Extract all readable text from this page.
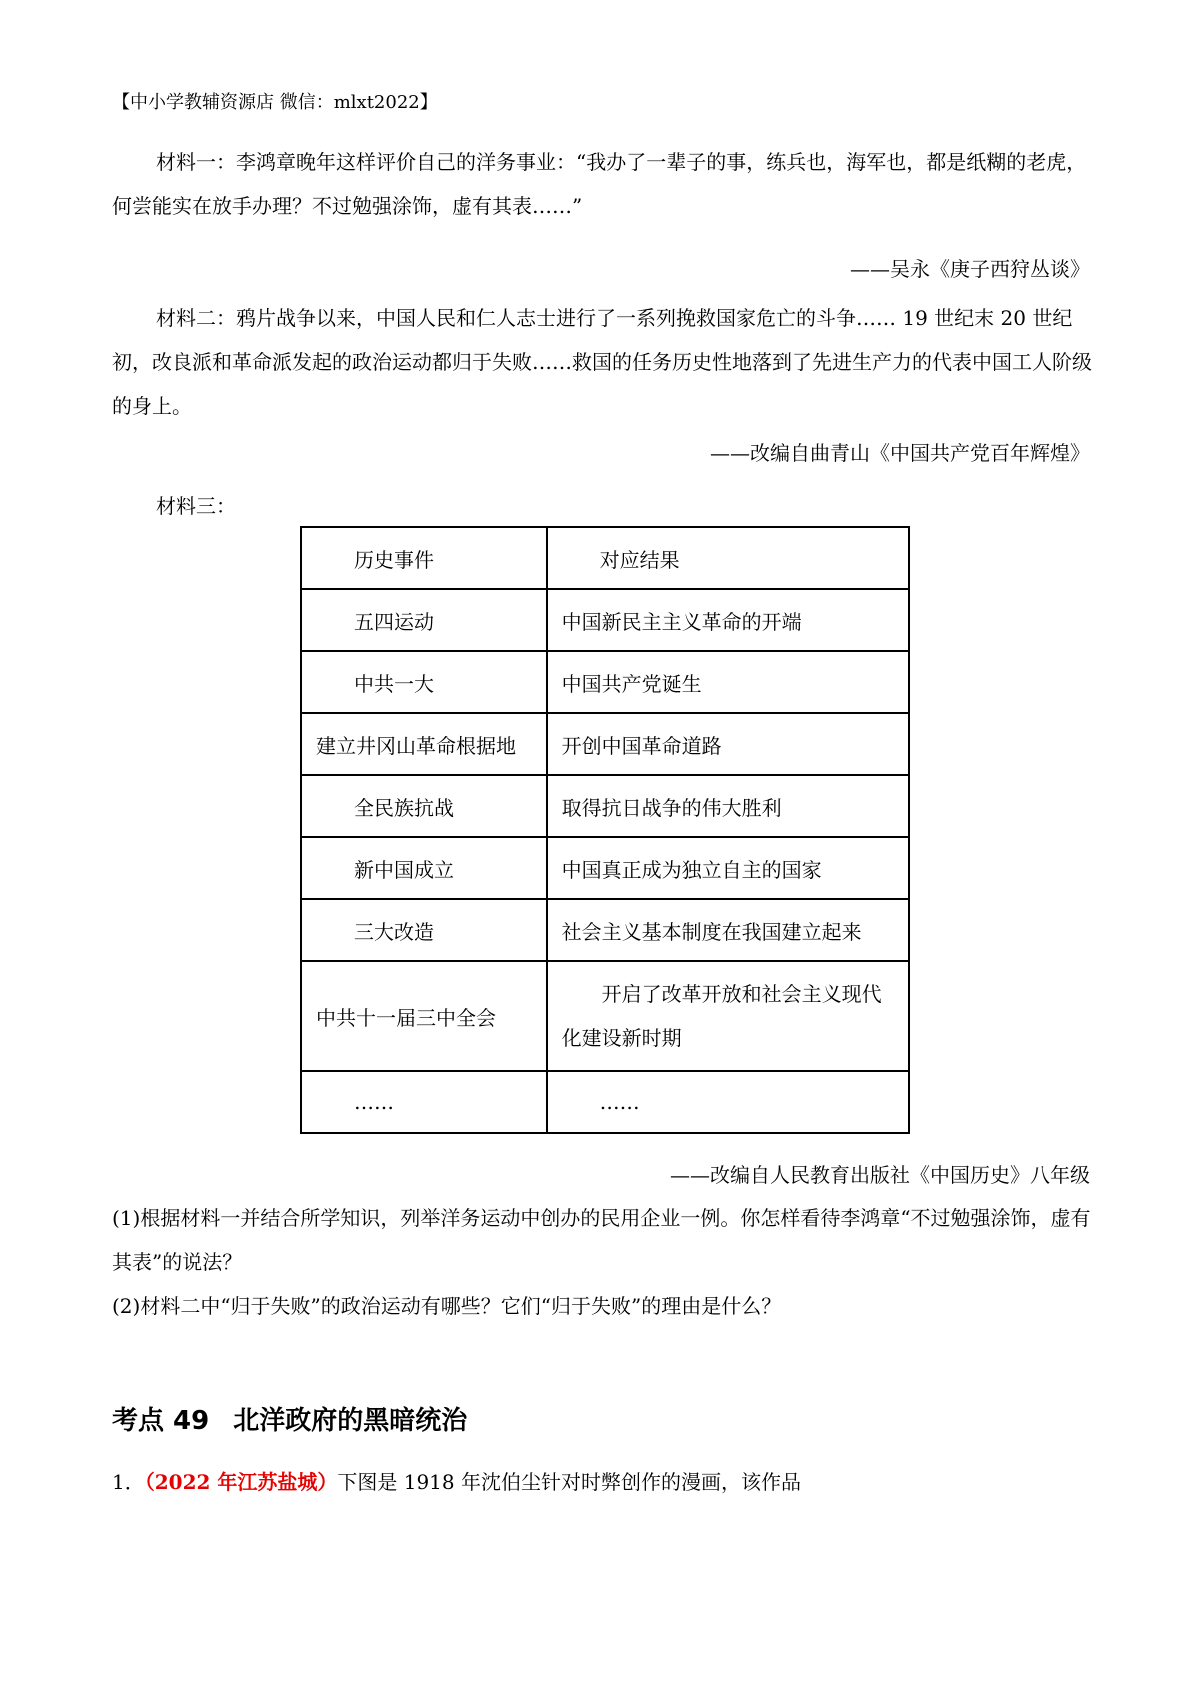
【中小学教辅资源店 微信：mlxt2022】

材料一：李鸿章晚年这样评价自己的洋务事业：“我办了一辈子的事，练兵也，海军也，都是纸糊的老虎，何尝能实在放手办理？不过勉强涂饰，虚有其表……”

——吴永《庚子西狩丛谈》

材料二：鸦片战争以来，中国人民和仁人志士进行了一系列挽救国家危亡的斗争…… 19 世纪末 20 世纪初，改良派和革命派发起的政治运动都归于失败……救国的任务历史性地落到了先进生产力的代表中国工人阶级的身上。

——改编自曲青山《中国共产党百年辉煌》
材料三：
历史事件	对应结果
五四运动	中国新民主主义革命的开端
中共一大	中国共产党诞生
建立井冈山革命根据地	开创中国革命道路
全民族抗战	取得抗日战争的伟大胜利
新中国成立	中国真正成为独立自主的国家
三大改造	社会主义基本制度在我国建立起来
中共十一届三中全会	开启了改革开放和社会主义现代化建设新时期
……	……
——改编自人民教育出版社《中国历史》八年级

(1)根据材料一并结合所学知识，列举洋务运动中创办的民用企业一例。你怎样看待李鸿章“不过勉强涂饰，虚有其表”的说法？

(2)材料二中“归于失败”的政治运动有哪些？它们“归于失败”的理由是什么？

考点 49 北洋政府的黑暗统治
1．（2022 年江苏盐城）下图是 1918 年沈伯尘针对时弊创作的漫画，该作品
